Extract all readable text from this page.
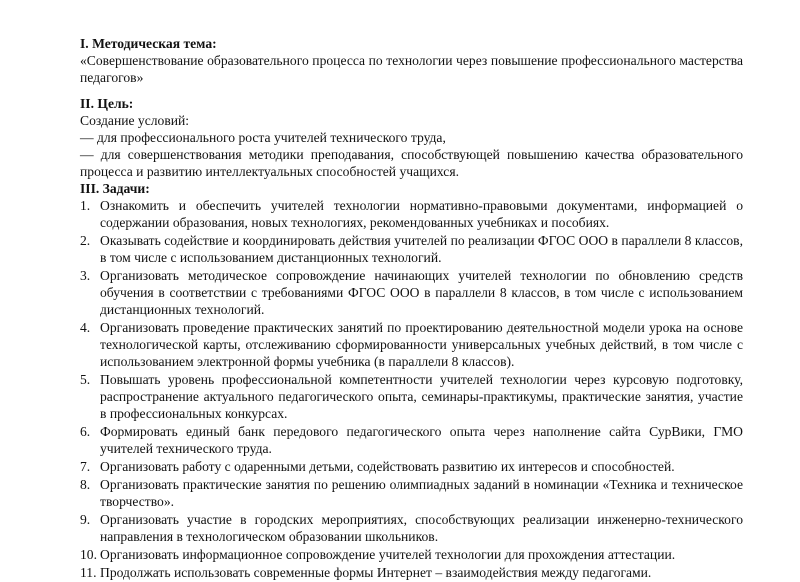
I. Методическая тема:

«Совершенствование образовательного процесса по технологии через повышение профессионального мастерства педагогов»

II. Цель:

Создание условий:

— для профессионального роста учителей технического труда,

— для совершенствования методики преподавания, способствующей повышению качества образовательного процесса и развитию интеллектуальных способностей учащихся.

III. Задачи:

1. Ознакомить и обеспечить учителей технологии нормативно-правовыми документами, информацией о содержании образования, новых технологиях, рекомендованных учебниках и пособиях.
2. Оказывать содействие и координировать действия учителей по реализации ФГОС ООО в параллели 8 классов, в том числе с использованием дистанционных технологий.
3. Организовать методическое сопровождение начинающих учителей технологии по обновлению средств обучения в соответствии с требованиями ФГОС ООО в параллели 8 классов, в том числе с использованием дистанционных технологий.
4. Организовать проведение практических занятий по проектированию деятельностной модели урока на основе технологической карты, отслеживанию сформированности универсальных учебных действий, в том числе с использованием электронной формы учебника (в параллели 8 классов).
5. Повышать уровень профессиональной компетентности учителей технологии через курсовую подготовку, распространение актуального педагогического опыта, семинары-практикумы, практические занятия, участие в профессиональных конкурсах.
6. Формировать единый банк передового педагогического опыта через наполнение сайта СурВики, ГМО учителей технического труда.
7. Организовать работу с одаренными детьми, содействовать развитию их интересов и способностей.
8. Организовать практические занятия по решению олимпиадных заданий в номинации «Техника и техническое творчество».
9. Организовать участие в городских мероприятиях, способствующих реализации инженерно-технического направления в технологическом образовании школьников.
10. Организовать информационное сопровождение учителей технологии для прохождения аттестации.
11. Продолжать использовать современные формы Интернет – взаимодействия между педагогами.
